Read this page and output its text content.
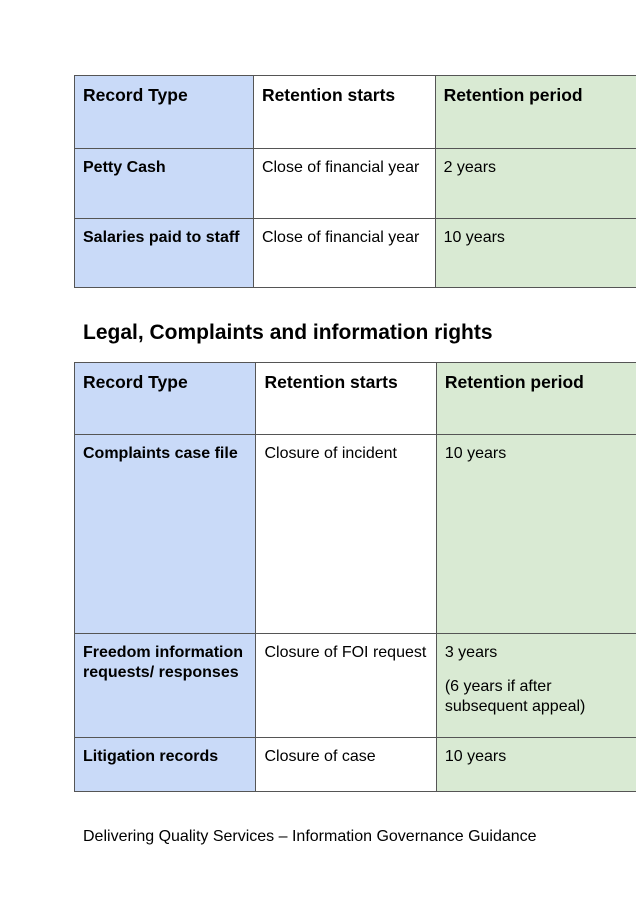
Record Type	Retention starts	Retention period
Petty Cash	Close of financial year	2 years
Salaries paid to staff	Close of financial year	10 years
Legal, Complaints and information rights
Record Type	Retention starts	Retention period
Complaints case file	Closure of incident	10 years
Freedom information requests/ responses	Closure of FOI request	3 years
(6 years if after subsequent appeal)

Litigation records	Closure of case	10 years
Delivering Quality Services – Information Governance Guidance
